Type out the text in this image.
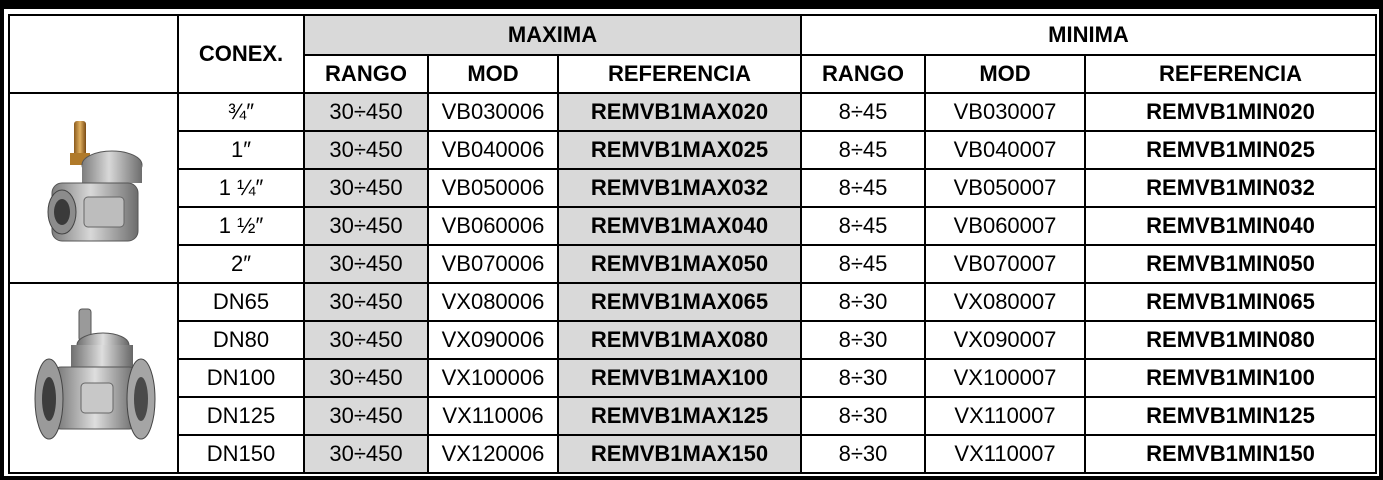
	CONEX.	MAXIMA			MINIMA		
		RANGO	MOD	REFERENCIA	RANGO	MOD	REFERENCIA

	¾″	30÷450	VB030006	REMVB1MAX020	8÷45	VB030007	REMVB1MIN020
	1″	30÷450	VB040006	REMVB1MAX025	8÷45	VB040007	REMVB1MIN025
	1 ¼″	30÷450	VB050006	REMVB1MAX032	8÷45	VB050007	REMVB1MIN032
	1 ½″	30÷450	VB060006	REMVB1MAX040	8÷45	VB060007	REMVB1MIN040
	2″	30÷450	VB070006	REMVB1MAX050	8÷45	VB070007	REMVB1MIN050

	DN65	30÷450	VX080006	REMVB1MAX065	8÷30	VX080007	REMVB1MIN065
	DN80	30÷450	VX090006	REMVB1MAX080	8÷30	VX090007	REMVB1MIN080
	DN100	30÷450	VX100006	REMVB1MAX100	8÷30	VX100007	REMVB1MIN100
	DN125	30÷450	VX110006	REMVB1MAX125	8÷30	VX110007	REMVB1MIN125
	DN150	30÷450	VX120006	REMVB1MAX150	8÷30	VX110007	REMVB1MIN150
